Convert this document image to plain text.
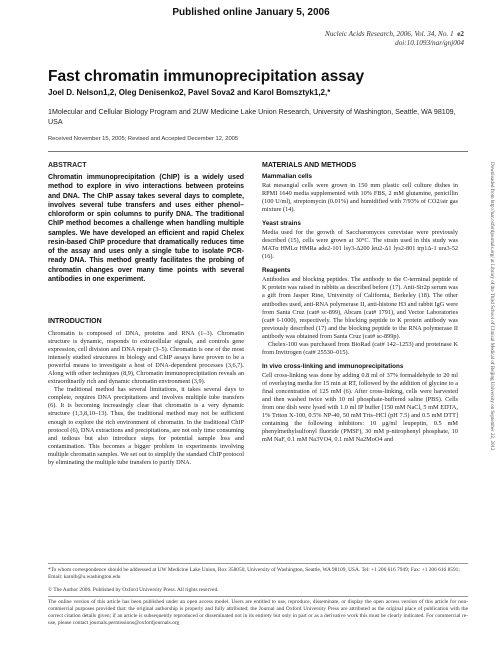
Published online January 5, 2006
Nucleic Acids Research, 2006, Vol. 34, No. 1 e2
doi:10.1093/nar/gnj004
Fast chromatin immunoprecipitation assay
Joel D. Nelson1,2, Oleg Denisenko2, Pavel Sova2 and Karol Bomsztyk1,2,*
1Molecular and Cellular Biology Program and 2UW Medicine Lake Union Research, University of Washington, Seattle, WA 98109, USA
Received November 15, 2005; Revised and Accepted December 12, 2005
ABSTRACT
Chromatin immunoprecipitation (ChIP) is a widely used method to explore in vivo interactions between proteins and DNA. The ChIP assay takes several days to complete, involves several tube transfers and uses either phenol–chloroform or spin columns to purify DNA. The traditional ChIP method becomes a challenge when handling multiple samples. We have developed an efficient and rapid Chelex resin-based ChIP procedure that dramatically reduces time of the assay and uses only a single tube to isolate PCR-ready DNA. This method greatly facilitates the probing of chromatin changes over many time points with several antibodies in one experiment.
INTRODUCTION

Chromatin is composed of DNA, proteins and RNA (1–3). Chromatin structure is dynamic, responds to extracellular signals, and controls gene expression, cell division and DNA repair (3–5). Chromatin is one of the most intensely studied structures in biology and ChIP assays have proven to be a powerful means to investigate a host of DNA-dependent processes (3,6,7). Along with other techniques (8,9), Chromatin immunoprecipitation reveals an extraordinarily rich and dynamic chromatin environment (3,9).

The traditional method has several limitations, it takes several days to complete, requires DNA precipitations and involves multiple tube transfers (6). It is becoming increasingly clear that chromatin is a very dynamic structure (1,3,8,10–13). Thus, the traditional method may not be sufficient enough to explore the rich environment of chromatin. In the traditional ChIP protocol (6), DNA extractions and precipitations, are not only time consuming and tedious but also introduce steps for potential sample loss and contamination. This becomes a bigger problem in experiments involving multiple chromatin samples. We set out to simplify the standard ChIP protocol by eliminating the multiple tube transfers to purify DNA.

MATERIALS AND METHODS
Mammalian cells

Rat mesangial cells were grown in 150 mm plastic cell culture dishes in RPMI 1640 media supplemented with 10% FBS, 2 mM glutamine, penicillin (100 U/ml), streptomycin (0.01%) and humidified with 7/93% of CO2/air gas mixture (14).

Yeast strains

Media used for the growth of Saccharomyces cerevisiae were previously described (15), cells were grown at 30°C. The strain used in this study was MATα HMLα HMRa ade2-101 lsy3-Δ200 leu2-Δ1 lys2-801 trp1Δ-1 ura3-52 (16).

Reagents

Antibodies and blocking peptides. The antibody to the C-terminal peptide of K protein was raised in rabbits as described before (17). Anti-Sir2p serum was a gift from Jasper Rine, University of California, Berkeley (18). The other antibodies used, anti-RNA polymerase II, anti-histone H3 and rabbit IgG were from Santa Cruz (cat# sc-899), Abcam (cat# 1791), and Vector Laboratories (cat# I-1000), respectively. The blocking peptide to K protein antibody was previously described (17) and the blocking peptide to the RNA polymerase II antibody was obtained from Santa Cruz (cat# sc-899p).

Chelex-100 was purchased from BioRad (cat# 142–1253) and proteinase K from Invitrogen (cat# 25530–015).

In vivo cross-linking and immunoprecipitations

Cell cross-linking was done by adding 0.8 ml of 37% formaldehyde to 20 ml of overlaying media for 15 min at RT, followed by the addition of glycine to a final concentration of 125 mM (6). After cross-linking, cells were harvested and then washed twice with 10 ml phosphate-buffered saline (PBS). Cells from one dish were lysed with 1.0 ml IP buffer [150 mM NaCl, 5 mM EDTA, 1% Triton X-100, 0.5% NP-40, 50 mM Tris–HCl (pH 7.5) and 0.5 mM DTT] containing the following inhibitors: 10 μg/ml leupeptin, 0.5 mM phenylmethylsulfonyl fluoride (PMSF), 30 mM p-nitrophenyl phosphate, 10 mM NaF, 0.1 mM Na3VO4, 0.1 mM Na2MoO4 and

*To whom correspondence should be addressed at UW Medicine Lake Union, Box 358050, University of Washington, Seattle, WA 98109, USA. Tel: +1 206 616 7949; Fax: +1 206 616 8591; Email: karolb@u.washington.edu
© The Author 2006. Published by Oxford University Press. All rights reserved.
The online version of this article has been published under an open access model. Users are entitled to use, reproduce, disseminate, or display the open access version of this article for non-commercial purposes provided that: the original authorship is properly and fully attributed; the Journal and Oxford University Press are attributed as the original place of publication with the correct citation details given; if an article is subsequently reproduced or disseminated not in its entirety but only in part or as a derivative work this must be clearly indicated. For commercial re-use, please contact journals.permissions@oxfordjournals.org
Downloaded from http://nar.oxfordjournals.org/ at Library of the Third School of Clinical Medical of Beijing University on September 22, 2012
